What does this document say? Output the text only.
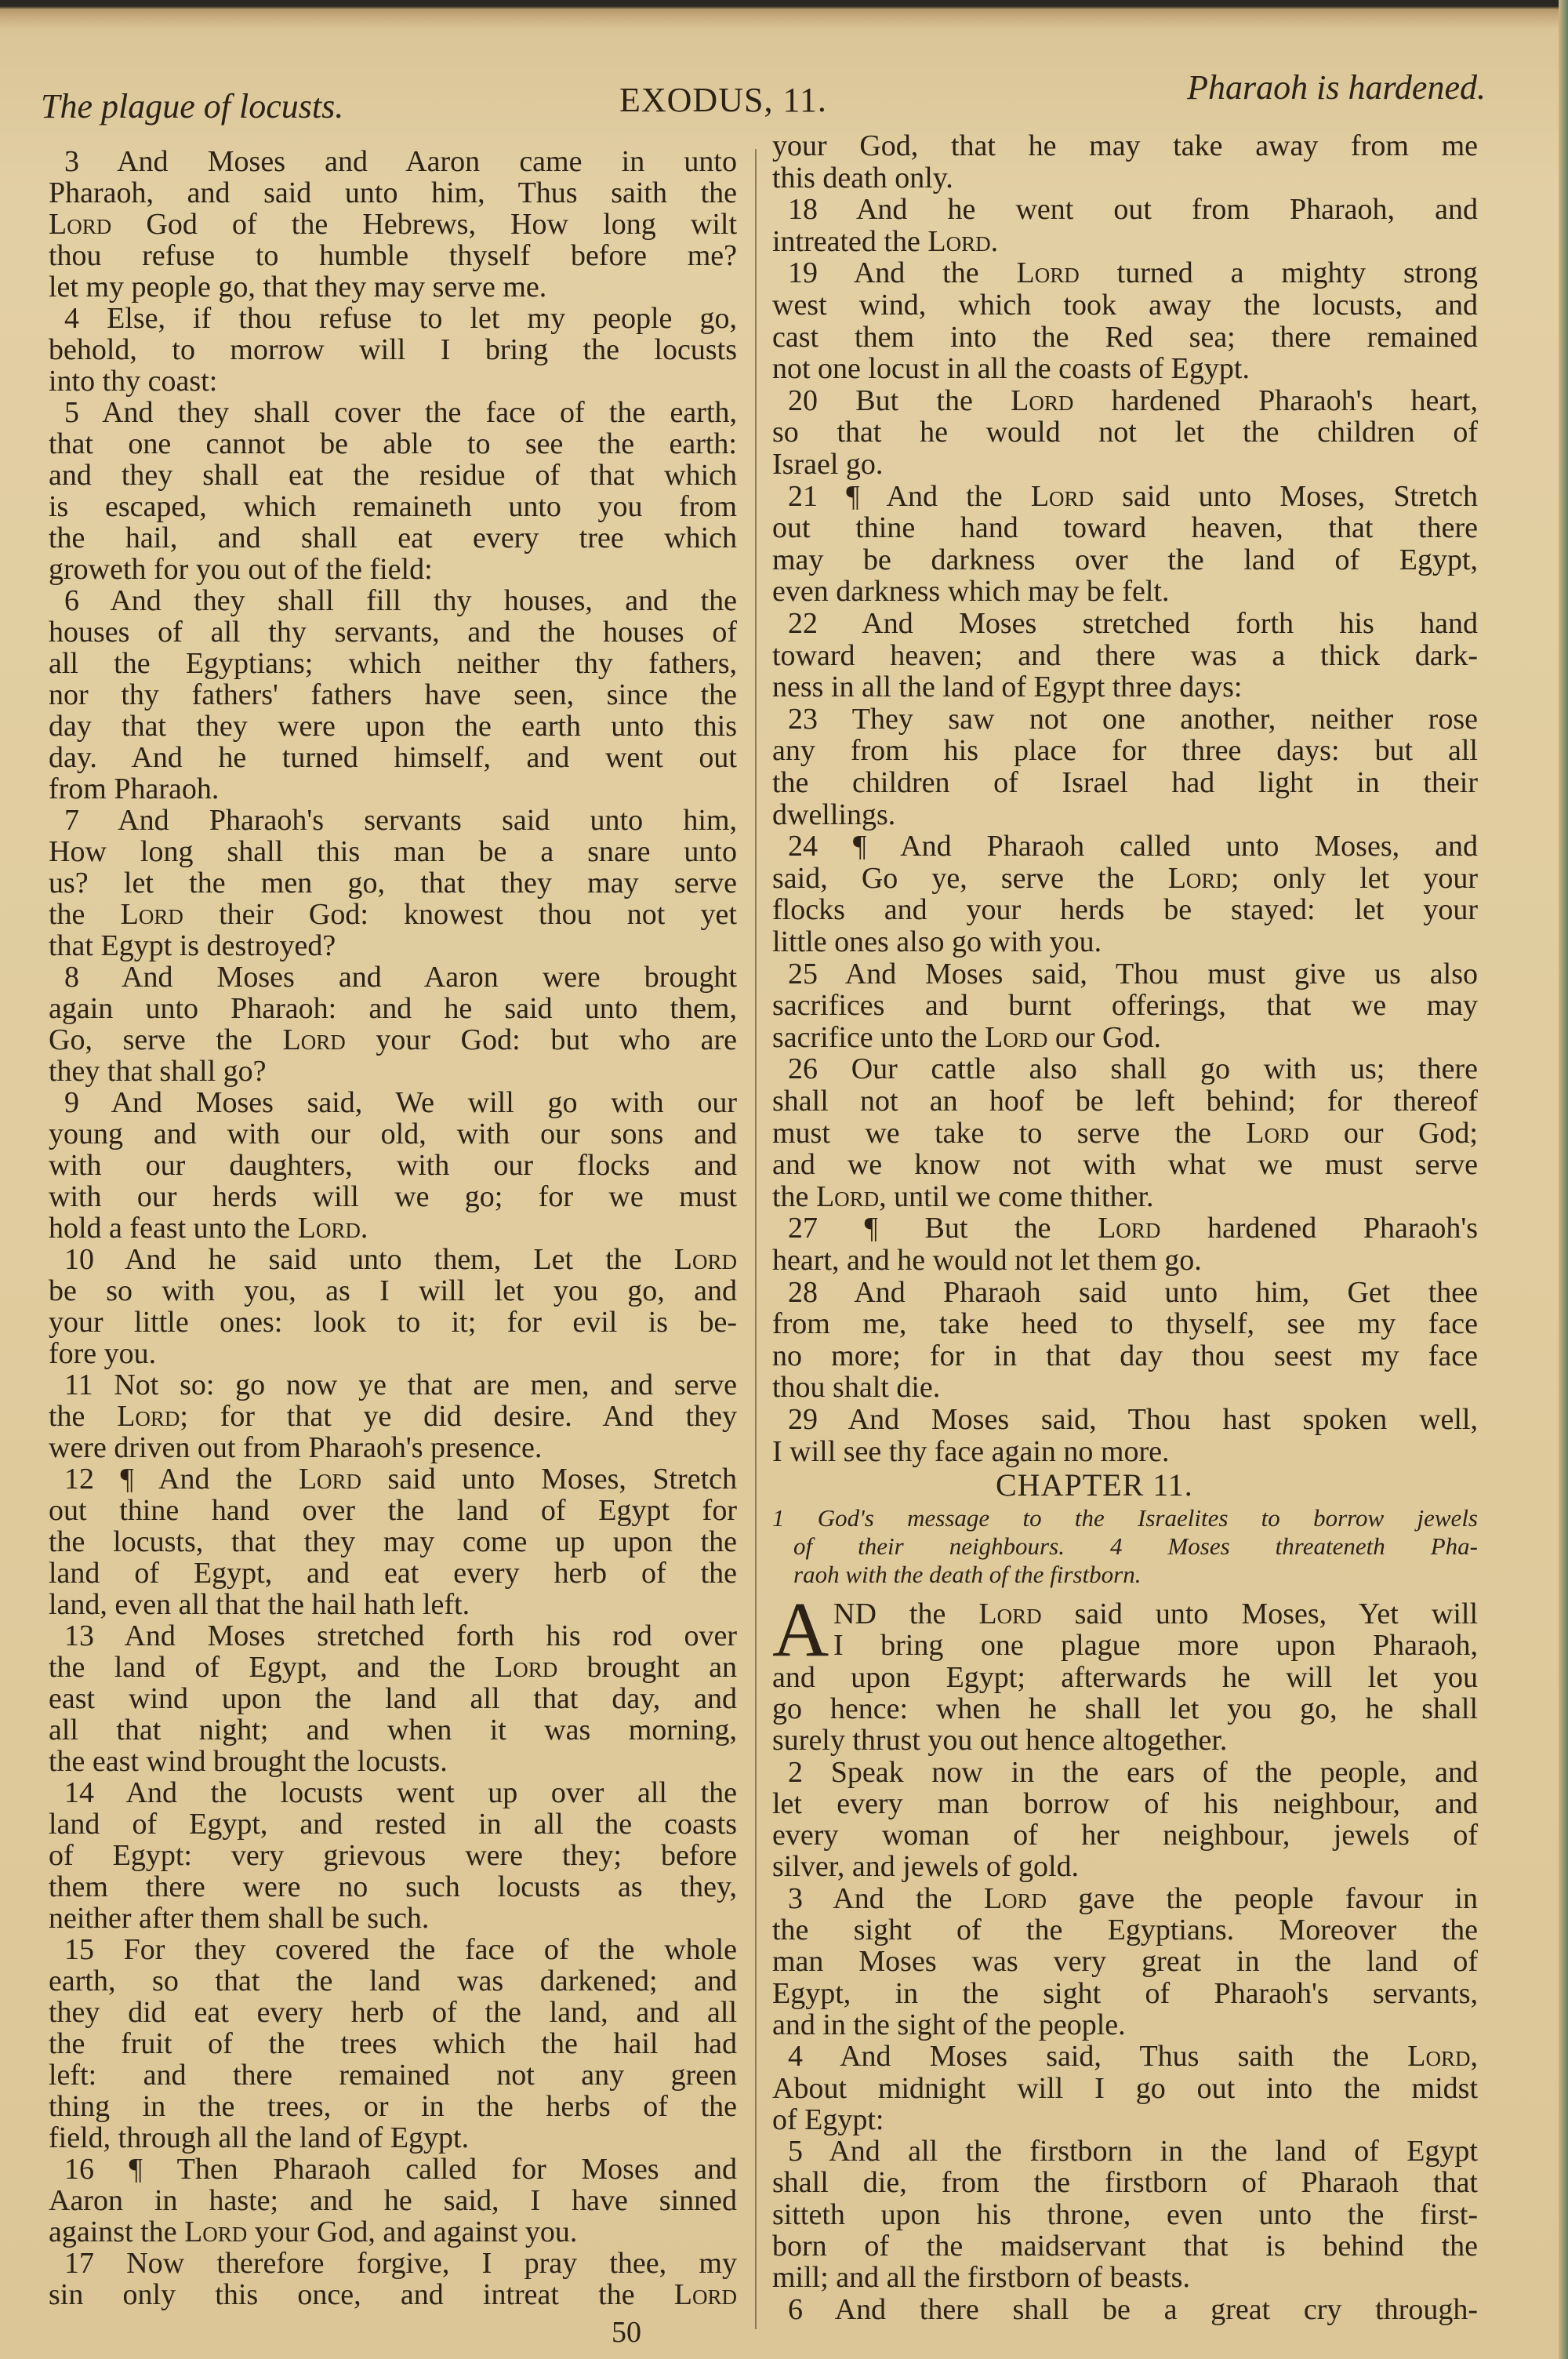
The plague of locusts.	EXODUS, 11.	Pharaoh is hardened.
3 And Moses and Aaron came in unto
Pharaoh, and said unto him, Thus saith the
Lord God of the Hebrews, How long wilt
thou refuse to humble thyself before me?
let my people go, that they may serve me.
4 Else, if thou refuse to let my people go,
behold, to morrow will I bring the locusts
into thy coast:
5 And they shall cover the face of the earth,
that one cannot be able to see the earth:
and they shall eat the residue of that which
is escaped, which remaineth unto you from
the hail, and shall eat every tree which
groweth for you out of the field:
6 And they shall fill thy houses, and the
houses of all thy servants, and the houses of
all the Egyptians; which neither thy fathers,
nor thy fathers' fathers have seen, since the
day that they were upon the earth unto this
day. And he turned himself, and went out
from Pharaoh.
7 And Pharaoh's servants said unto him,
How long shall this man be a snare unto
us? let the men go, that they may serve
the Lord their God: knowest thou not yet
that Egypt is destroyed?
8 And Moses and Aaron were brought
again unto Pharaoh: and he said unto them,
Go, serve the Lord your God: but who are
they that shall go?
9 And Moses said, We will go with our
young and with our old, with our sons and
with our daughters, with our flocks and
with our herds will we go; for we must
hold a feast unto the Lord.
10 And he said unto them, Let the Lord
be so with you, as I will let you go, and
your little ones: look to it; for evil is be-
fore you.
11 Not so: go now ye that are men, and serve
the Lord; for that ye did desire. And they
were driven out from Pharaoh's presence.
12 ¶ And the Lord said unto Moses, Stretch
out thine hand over the land of Egypt for
the locusts, that they may come up upon the
land of Egypt, and eat every herb of the
land, even all that the hail hath left.
13 And Moses stretched forth his rod over
the land of Egypt, and the Lord brought an
east wind upon the land all that day, and
all that night; and when it was morning,
the east wind brought the locusts.
14 And the locusts went up over all the
land of Egypt, and rested in all the coasts
of Egypt: very grievous were they; before
them there were no such locusts as they,
neither after them shall be such.
15 For they covered the face of the whole
earth, so that the land was darkened; and
they did eat every herb of the land, and all
the fruit of the trees which the hail had
left: and there remained not any green
thing in the trees, or in the herbs of the
field, through all the land of Egypt.
16 ¶ Then Pharaoh called for Moses and
Aaron in haste; and he said, I have sinned
against the Lord your God, and against you.
17 Now therefore forgive, I pray thee, my
sin only this once, and intreat the Lord
your God, that he may take away from me
this death only.
18 And he went out from Pharaoh, and
intreated the Lord.
19 And the Lord turned a mighty strong
west wind, which took away the locusts, and
cast them into the Red sea; there remained
not one locust in all the coasts of Egypt.
20 But the Lord hardened Pharaoh's heart,
so that he would not let the children of
Israel go.
21 ¶ And the Lord said unto Moses, Stretch
out thine hand toward heaven, that there
may be darkness over the land of Egypt,
even darkness which may be felt.
22 And Moses stretched forth his hand
toward heaven; and there was a thick dark-
ness in all the land of Egypt three days:
23 They saw not one another, neither rose
any from his place for three days: but all
the children of Israel had light in their
dwellings.
24 ¶ And Pharaoh called unto Moses, and
said, Go ye, serve the Lord; only let your
flocks and your herds be stayed: let your
little ones also go with you.
25 And Moses said, Thou must give us also
sacrifices and burnt offerings, that we may
sacrifice unto the Lord our God.
26 Our cattle also shall go with us; there
shall not an hoof be left behind; for thereof
must we take to serve the Lord our God;
and we know not with what we must serve
the Lord, until we come thither.
27 ¶ But the Lord hardened Pharaoh's
heart, and he would not let them go.
28 And Pharaoh said unto him, Get thee
from me, take heed to thyself, see my face
no more; for in that day thou seest my face
thou shalt die.
29 And Moses said, Thou hast spoken well,
I will see thy face again no more.
ND the Lord said unto Moses, Yet will
I bring one plague more upon Pharaoh,
and upon Egypt; afterwards he will let you
go hence: when he shall let you go, he shall
surely thrust you out hence altogether.
2 Speak now in the ears of the people, and
let every man borrow of his neighbour, and
every woman of her neighbour, jewels of
silver, and jewels of gold.
3 And the Lord gave the people favour in
the sight of the Egyptians. Moreover the
man Moses was very great in the land of
Egypt, in the sight of Pharaoh's servants,
and in the sight of the people.
4 And Moses said, Thus saith the Lord,
About midnight will I go out into the midst
of Egypt:
5 And all the firstborn in the land of Egypt
shall die, from the firstborn of Pharaoh that
sitteth upon his throne, even unto the first-
born of the maidservant that is behind the
mill; and all the firstborn of beasts.
6 And there shall be a great cry through-
CHAPTER 11.
1 God's message to the Israelites to borrow jewels
of their neighbours. 4 Moses threateneth Pha-
raoh with the death of the firstborn.
A
50
